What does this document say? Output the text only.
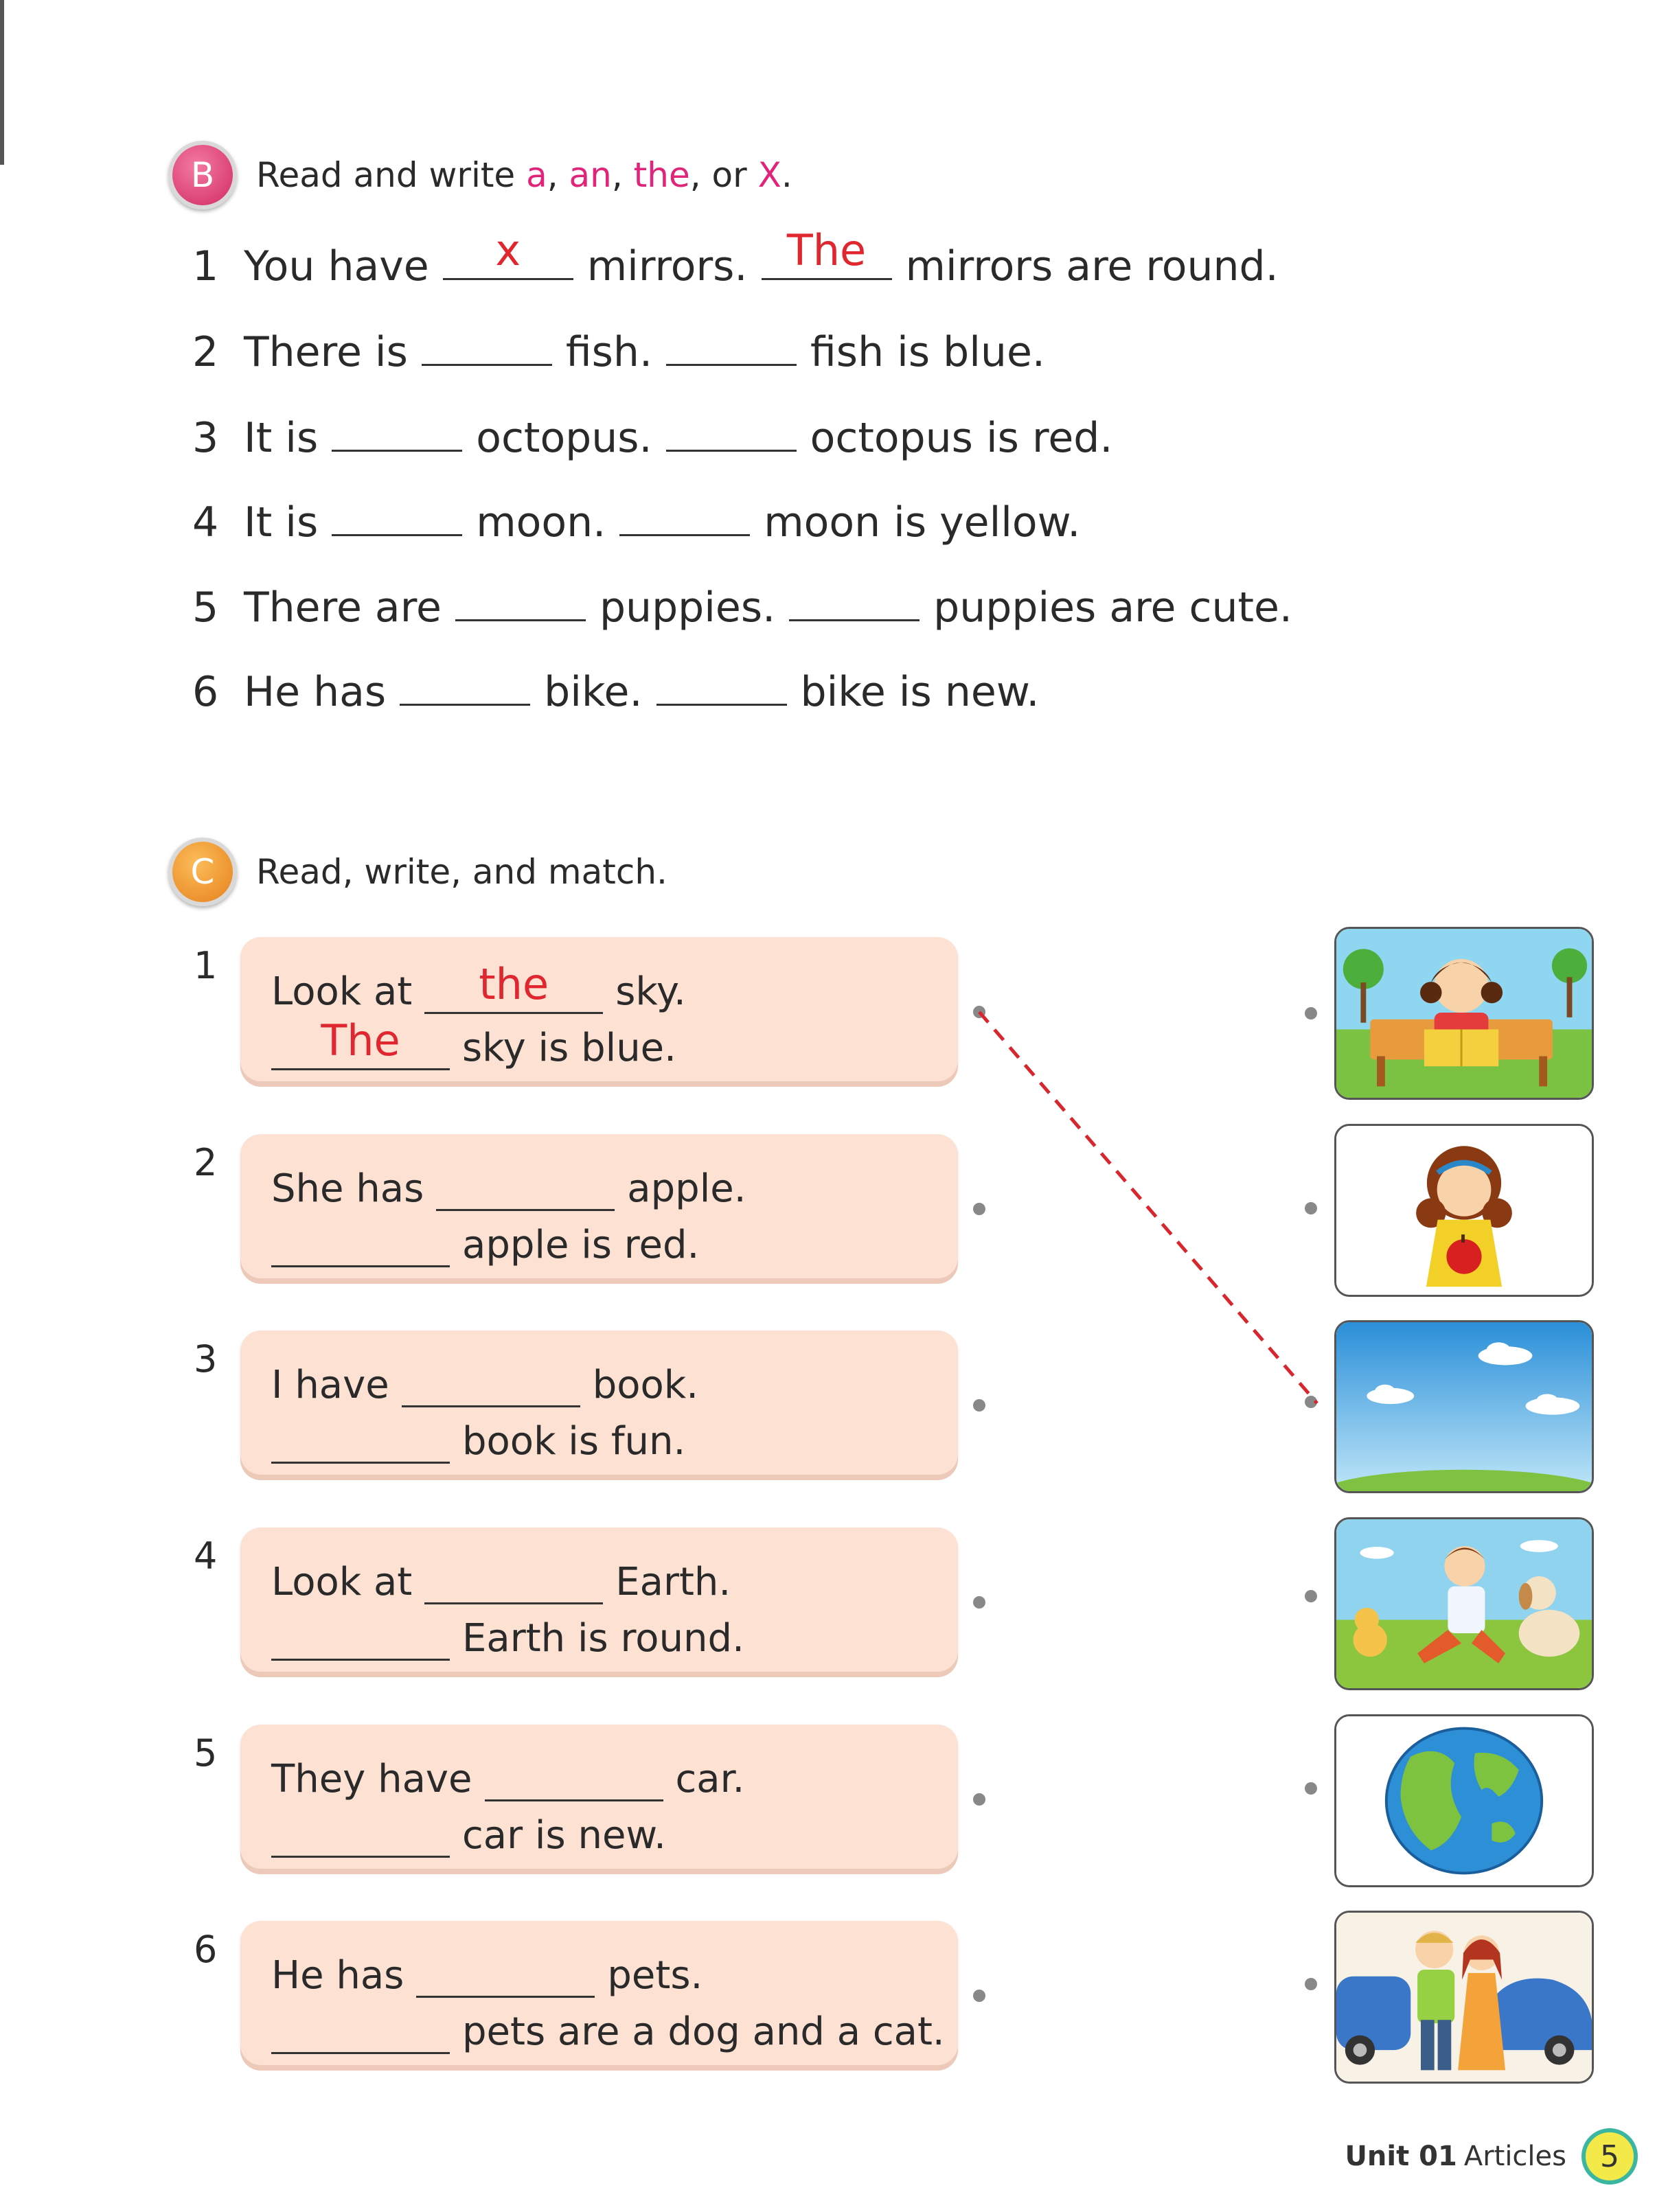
B	Read and write a, an, the, or X.
1 You have	x	mirrors. The mirrors are round.
2 There is	fish.	fish is blue.
3 It is	octopus.	octopus is red.
4 It is	moon.	moon is yellow.
5 There are	puppies.	puppies are cute.
6 He has	bike.	bike is new.
C	Read, write, and match.
1
Look at	the	sky.
The	sky is blue.
2
She has	apple.
apple is red.
3
I have	book.
book is fun.
4
Look at	Earth.
Earth is round.
5
They have	car.
car is new.
6
He has	pets.
pets are a dog and a cat.
Unit 01 Articles	5
